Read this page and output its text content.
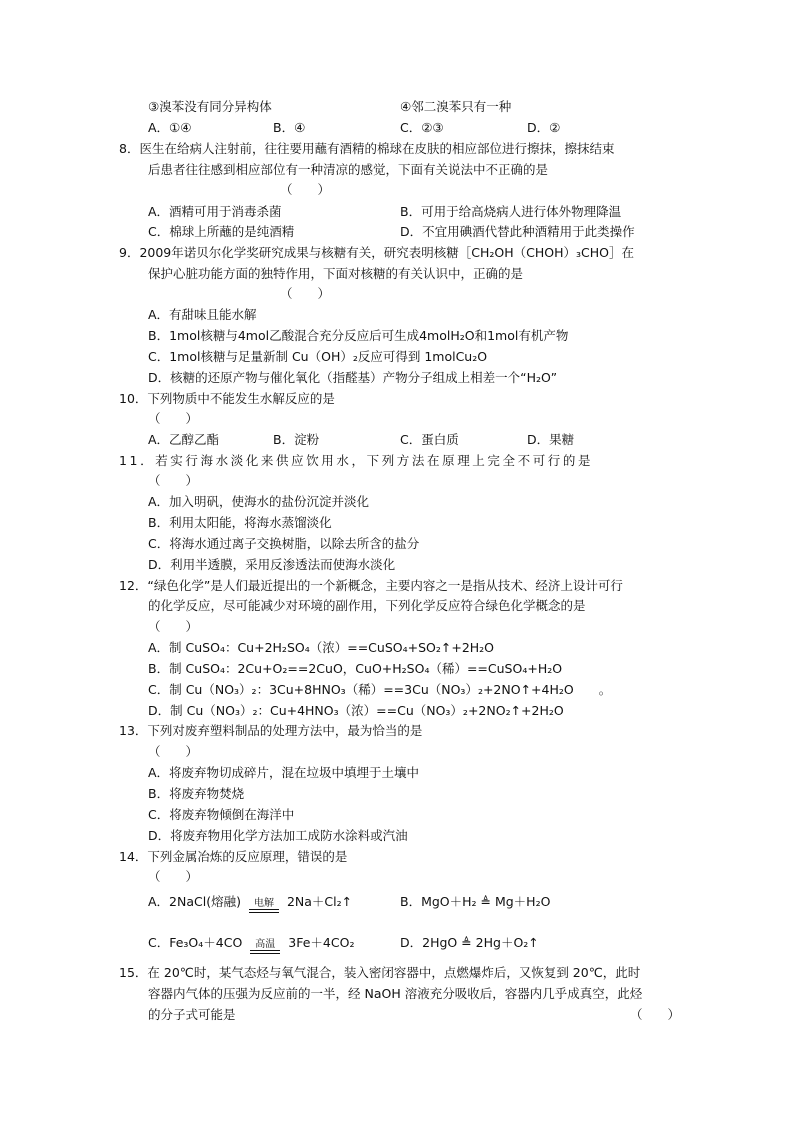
③溴苯没有同分异构体	④邻二溴苯只有一种
A．①④	B．④	C．②③	D．②
8．医生在给病人注射前，往往要用蘸有酒精的棉球在皮肤的相应部位进行擦抹，擦抹结束
后患者往往感到相应部位有一种清凉的感觉，下面有关说法中不正确的是
（　　）
A．酒精可用于消毒杀菌	B．可用于给高烧病人进行体外物理降温
C．棉球上所蘸的是纯酒精	D．不宜用碘酒代替此种酒精用于此类操作
9．2009年诺贝尔化学奖研究成果与核糖有关，研究表明核糖［CH₂OH（CHOH）₃CHO］在
保护心脏功能方面的独特作用，下面对核糖的有关认识中，正确的是
（　　）
A．有甜味且能水解
B．1mol核糖与4mol乙酸混合充分反应后可生成4molH₂O和1mol有机产物
C．1mol核糖与足量新制 Cu（OH）₂反应可得到 1molCu₂O
D．核糖的还原产物与催化氧化（指醛基）产物分子组成上相差一个“H₂O”
10．下列物质中不能发生水解反应的是
（　　）
A．乙醇乙酯	B．淀粉	C．蛋白质	D．果糖
11．若实行海水淡化来供应饮用水，下列方法在原理上完全不可行的是
（　　）
A．加入明矾，使海水的盐份沉淀并淡化
B．利用太阳能，将海水蒸馏淡化
C．将海水通过离子交换树脂，以除去所含的盐分
D．利用半透膜，采用反渗透法而使海水淡化
12．“绿色化学”是人们最近提出的一个新概念，主要内容之一是指从技术、经济上设计可行
的化学反应，尽可能减少对环境的副作用，下列化学反应符合绿色化学概念的是
（　　）
A．制 CuSO₄：Cu+2H₂SO₄（浓）==CuSO₄+SO₂↑+2H₂O
B．制 CuSO₄：2Cu+O₂==2CuO，CuO+H₂SO₄（稀）==CuSO₄+H₂O
C．制 Cu（NO₃）₂：3Cu+8HNO₃（稀）==3Cu（NO₃）₂+2NO↑+4H₂O　　。
D．制 Cu（NO₃）₂：Cu+4HNO₃（浓）==Cu（NO₃）₂+2NO₂↑+2H₂O
13．下列对废弃塑料制品的处理方法中，最为恰当的是
（　　）
A．将废弃物切成碎片，混在垃圾中填埋于土壤中
B．将废弃物焚烧
C．将废弃物倾倒在海洋中
D．将废弃物用化学方法加工成防水涂料或汽油
14．下列金属冶炼的反应原理，错误的是
（　　）
A．2NaCl(熔融)	电解	2Na＋Cl₂↑	B．MgO＋H₂ ≜ Mg＋H₂O
C．Fe₃O₄＋4CO	高温	3Fe＋4CO₂	D．2HgO ≜ 2Hg＋O₂↑
15．在 20℃时，某气态烃与氧气混合，装入密闭容器中，点燃爆炸后，又恢复到 20℃，此时
容器内气体的压强为反应前的一半，经 NaOH 溶液充分吸收后，容器内几乎成真空，此烃
的分子式可能是	（　　）
